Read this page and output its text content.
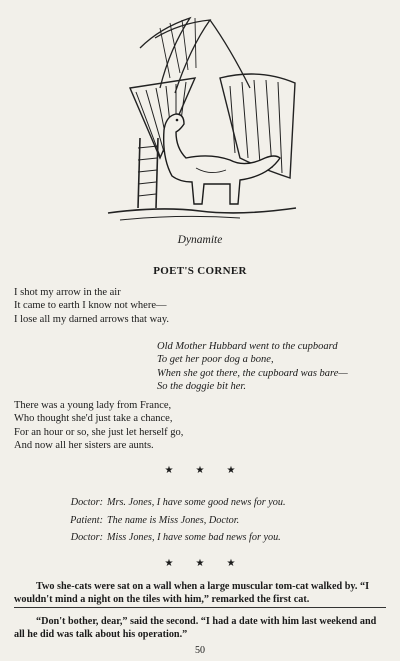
Dynamite
POET'S CORNER
I shot my arrow in the air
It came to earth I know not where—
I lose all my darned arrows that way.
Old Mother Hubbard went to the cupboard
To get her poor dog a bone,
When she got there, the cupboard was bare—
So the doggie bit her.
There was a young lady from France,
Who thought she'd just take a chance,
For an hour or so, she just let herself go,
And now all her sisters are aunts.
★★★
Doctor: Mrs. Jones, I have some good news for you.
Patient: The name is Miss Jones, Doctor.
Doctor: Miss Jones, I have some bad news for you.
★★★
Two she-cats were sat on a wall when a large muscular tom-cat walked by. “I wouldn't mind a night on the tiles with him,” remarked the first cat.
“Don't bother, dear,” said the second. “I had a date with him last weekend and all he did was talk about his operation.”
50
